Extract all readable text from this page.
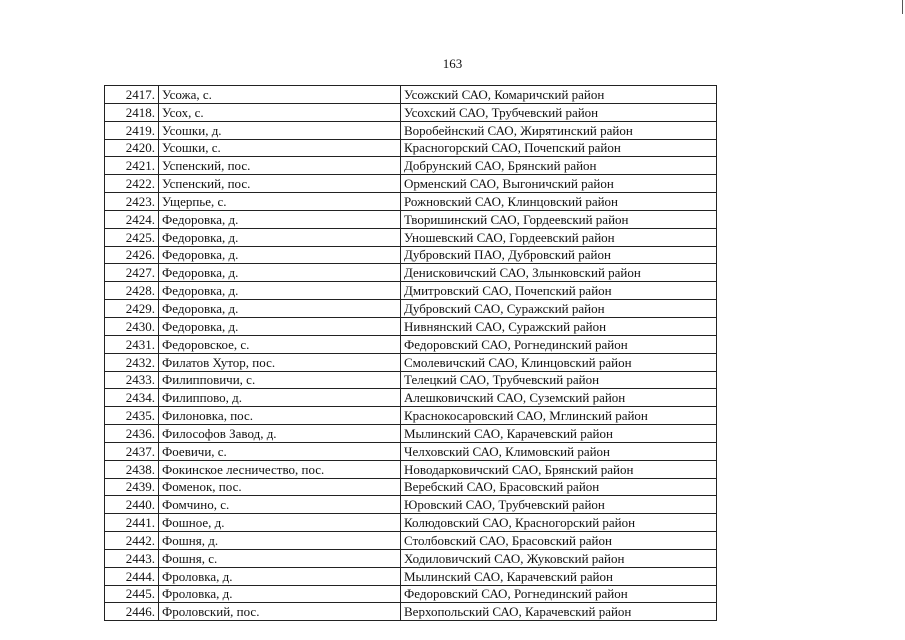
163
2417.	Усожа, с.	Усожский САО, Комаричский район
2418.	Усох, с.	Усохский САО, Трубчевский район
2419.	Усошки, д.	Воробейнский САО, Жирятинский район
2420.	Усошки, с.	Красногорский САО, Почепский район
2421.	Успенский, пос.	Добрунский САО, Брянский район
2422.	Успенский, пос.	Орменский САО, Выгоничский район
2423.	Ущерпье, с.	Рожновский САО, Клинцовский район
2424.	Федоровка, д.	Творишинский САО, Гордеевский район
2425.	Федоровка, д.	Уношевский САО, Гордеевский район
2426.	Федоровка, д.	Дубровский ПАО, Дубровский район
2427.	Федоровка, д.	Денисковичский САО, Злынковский район
2428.	Федоровка, д.	Дмитровский САО, Почепский район
2429.	Федоровка, д.	Дубровский САО, Суражский район
2430.	Федоровка, д.	Нивнянский САО, Суражский район
2431.	Федоровское, с.	Федоровский САО, Рогнединский район
2432.	Филатов Хутор, пос.	Смолевичский САО, Клинцовский район
2433.	Филипповичи, с.	Телецкий САО, Трубчевский район
2434.	Филиппово, д.	Алешковичский САО, Суземский район
2435.	Филоновка, пос.	Краснокосаровский САО, Мглинский район
2436.	Философов Завод, д.	Мылинский САО, Карачевский район
2437.	Фоевичи, с.	Челховский САО, Климовский район
2438.	Фокинское лесничество, пос.	Новодарковичский САО, Брянский район
2439.	Фоменок, пос.	Веребский САО, Брасовский район
2440.	Фомчино, с.	Юровский САО, Трубчевский район
2441.	Фошное, д.	Колюдовский САО, Красногорский район
2442.	Фошня, д.	Столбовский САО, Брасовский район
2443.	Фошня, с.	Ходиловичский САО, Жуковский район
2444.	Фроловка, д.	Мылинский САО, Карачевский район
2445.	Фроловка, д.	Федоровский САО, Рогнединский район
2446.	Фроловский, пос.	Верхопольский САО, Карачевский район
